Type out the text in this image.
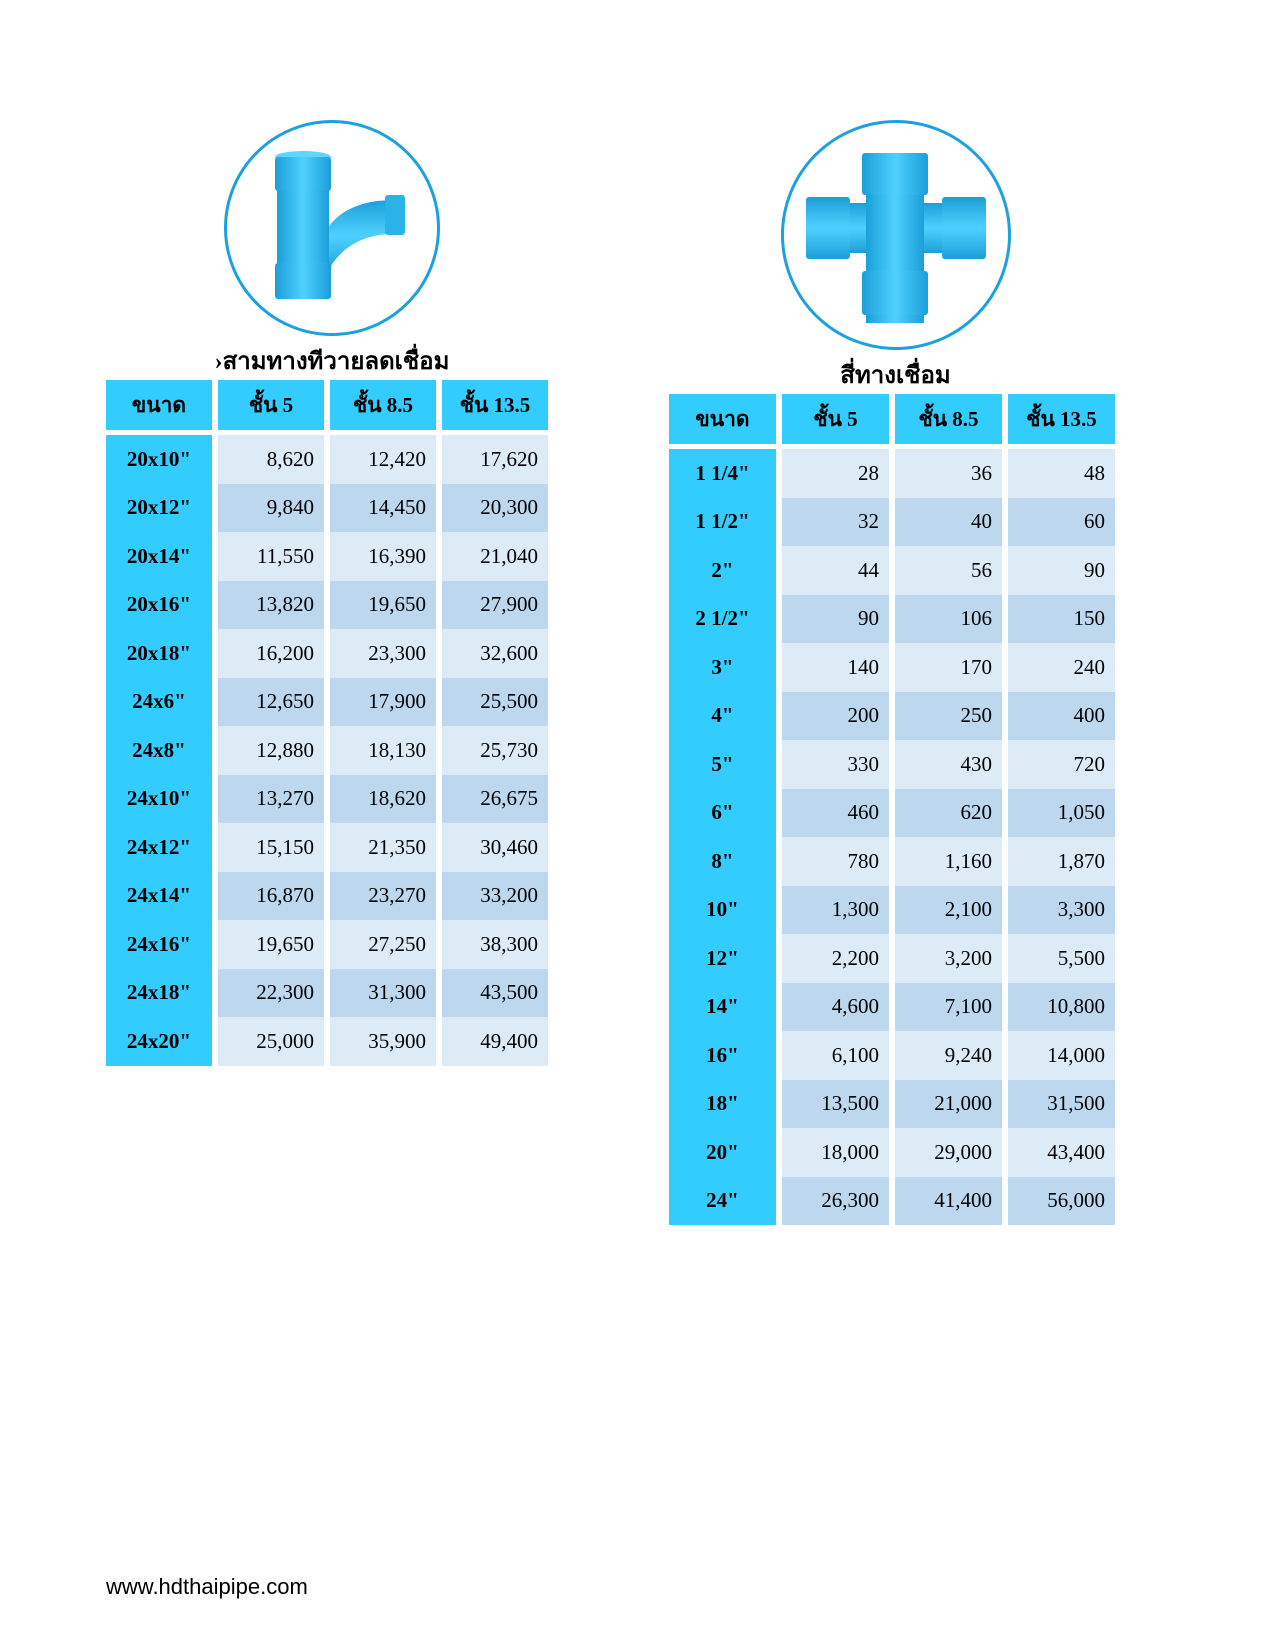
›สามทางทีวายลดเชื่อม
ขนาด	ชั้น 5	ชั้น 8.5	ชั้น 13.5
20x10"	8,620	12,420	17,620
20x12"	9,840	14,450	20,300
20x14"	11,550	16,390	21,040
20x16"	13,820	19,650	27,900
20x18"	16,200	23,300	32,600
24x6"	12,650	17,900	25,500
24x8"	12,880	18,130	25,730
24x10"	13,270	18,620	26,675
24x12"	15,150	21,350	30,460
24x14"	16,870	23,270	33,200
24x16"	19,650	27,250	38,300
24x18"	22,300	31,300	43,500
24x20"	25,000	35,900	49,400
สี่ทางเชื่อม
ขนาด	ชั้น 5	ชั้น 8.5	ชั้น 13.5
1 1/4"	28	36	48
1 1/2"	32	40	60
2"	44	56	90
2 1/2"	90	106	150
3"	140	170	240
4"	200	250	400
5"	330	430	720
6"	460	620	1,050
8"	780	1,160	1,870
10"	1,300	2,100	3,300
12"	2,200	3,200	5,500
14"	4,600	7,100	10,800
16"	6,100	9,240	14,000
18"	13,500	21,000	31,500
20"	18,000	29,000	43,400
24"	26,300	41,400	56,000
www.hdthaipipe.com
